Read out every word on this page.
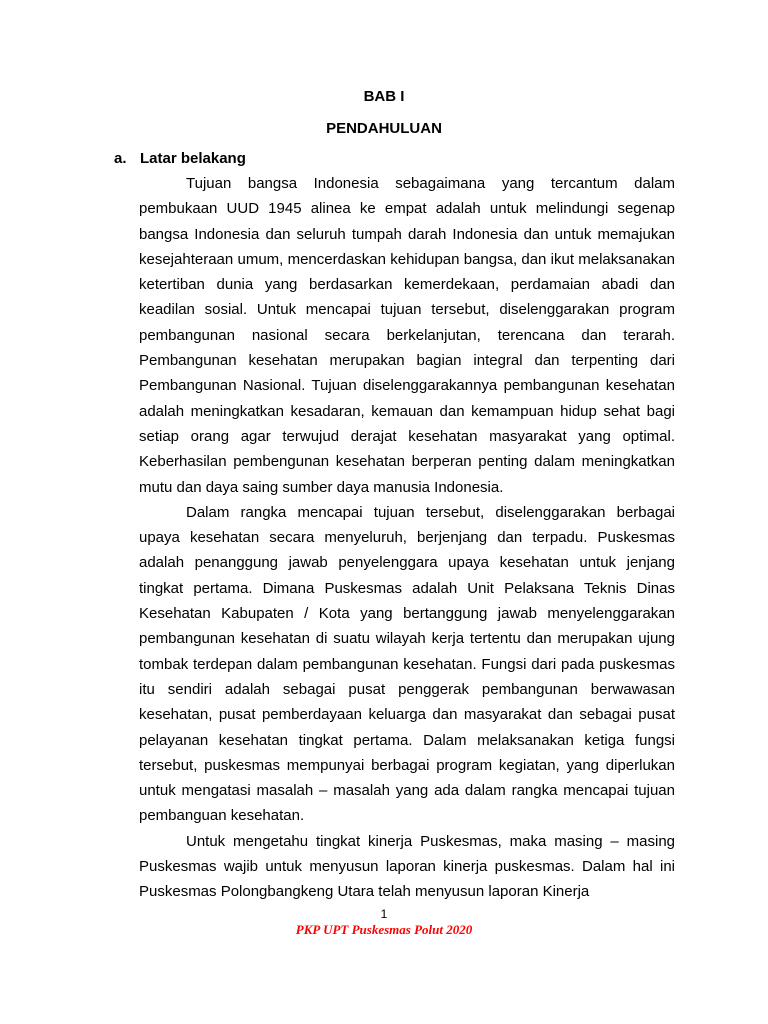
BAB I
PENDAHULUAN
a. Latar belakang

Tujuan bangsa Indonesia sebagaimana yang tercantum dalam pembukaan UUD 1945 alinea ke empat adalah untuk melindungi segenap bangsa Indonesia dan seluruh tumpah darah Indonesia dan untuk memajukan kesejahteraan umum, mencerdaskan kehidupan bangsa, dan ikut melaksanakan ketertiban dunia yang berdasarkan kemerdekaan, perdamaian abadi dan keadilan sosial. Untuk mencapai tujuan tersebut, diselenggarakan program pembangunan nasional secara berkelanjutan, terencana dan terarah. Pembangunan kesehatan merupakan bagian integral dan terpenting dari Pembangunan Nasional. Tujuan diselenggarakannya pembangunan kesehatan adalah meningkatkan kesadaran, kemauan dan kemampuan hidup sehat bagi setiap orang agar terwujud derajat kesehatan masyarakat yang optimal. Keberhasilan pembengunan kesehatan berperan penting dalam meningkatkan mutu dan daya saing sumber daya manusia Indonesia.

Dalam rangka mencapai tujuan tersebut, diselenggarakan berbagai upaya kesehatan secara menyeluruh, berjenjang dan terpadu. Puskesmas adalah penanggung jawab penyelenggara upaya kesehatan untuk jenjang tingkat pertama. Dimana Puskesmas adalah Unit Pelaksana Teknis Dinas Kesehatan Kabupaten / Kota yang bertanggung jawab menyelenggarakan pembangunan kesehatan di suatu wilayah kerja tertentu dan merupakan ujung tombak terdepan dalam pembangunan kesehatan. Fungsi dari pada puskesmas itu sendiri adalah sebagai pusat penggerak pembangunan berwawasan kesehatan, pusat pemberdayaan keluarga dan masyarakat dan sebagai pusat pelayanan kesehatan tingkat pertama. Dalam melaksanakan ketiga fungsi tersebut, puskesmas mempunyai berbagai program kegiatan, yang diperlukan untuk mengatasi masalah – masalah yang ada dalam rangka mencapai tujuan pembanguan kesehatan.

Untuk mengetahu tingkat kinerja Puskesmas, maka masing – masing Puskesmas wajib untuk menyusun laporan kinerja puskesmas. Dalam hal ini Puskesmas Polongbangkeng Utara telah menyusun laporan Kinerja

1
PKP UPT Puskesmas Polut 2020
